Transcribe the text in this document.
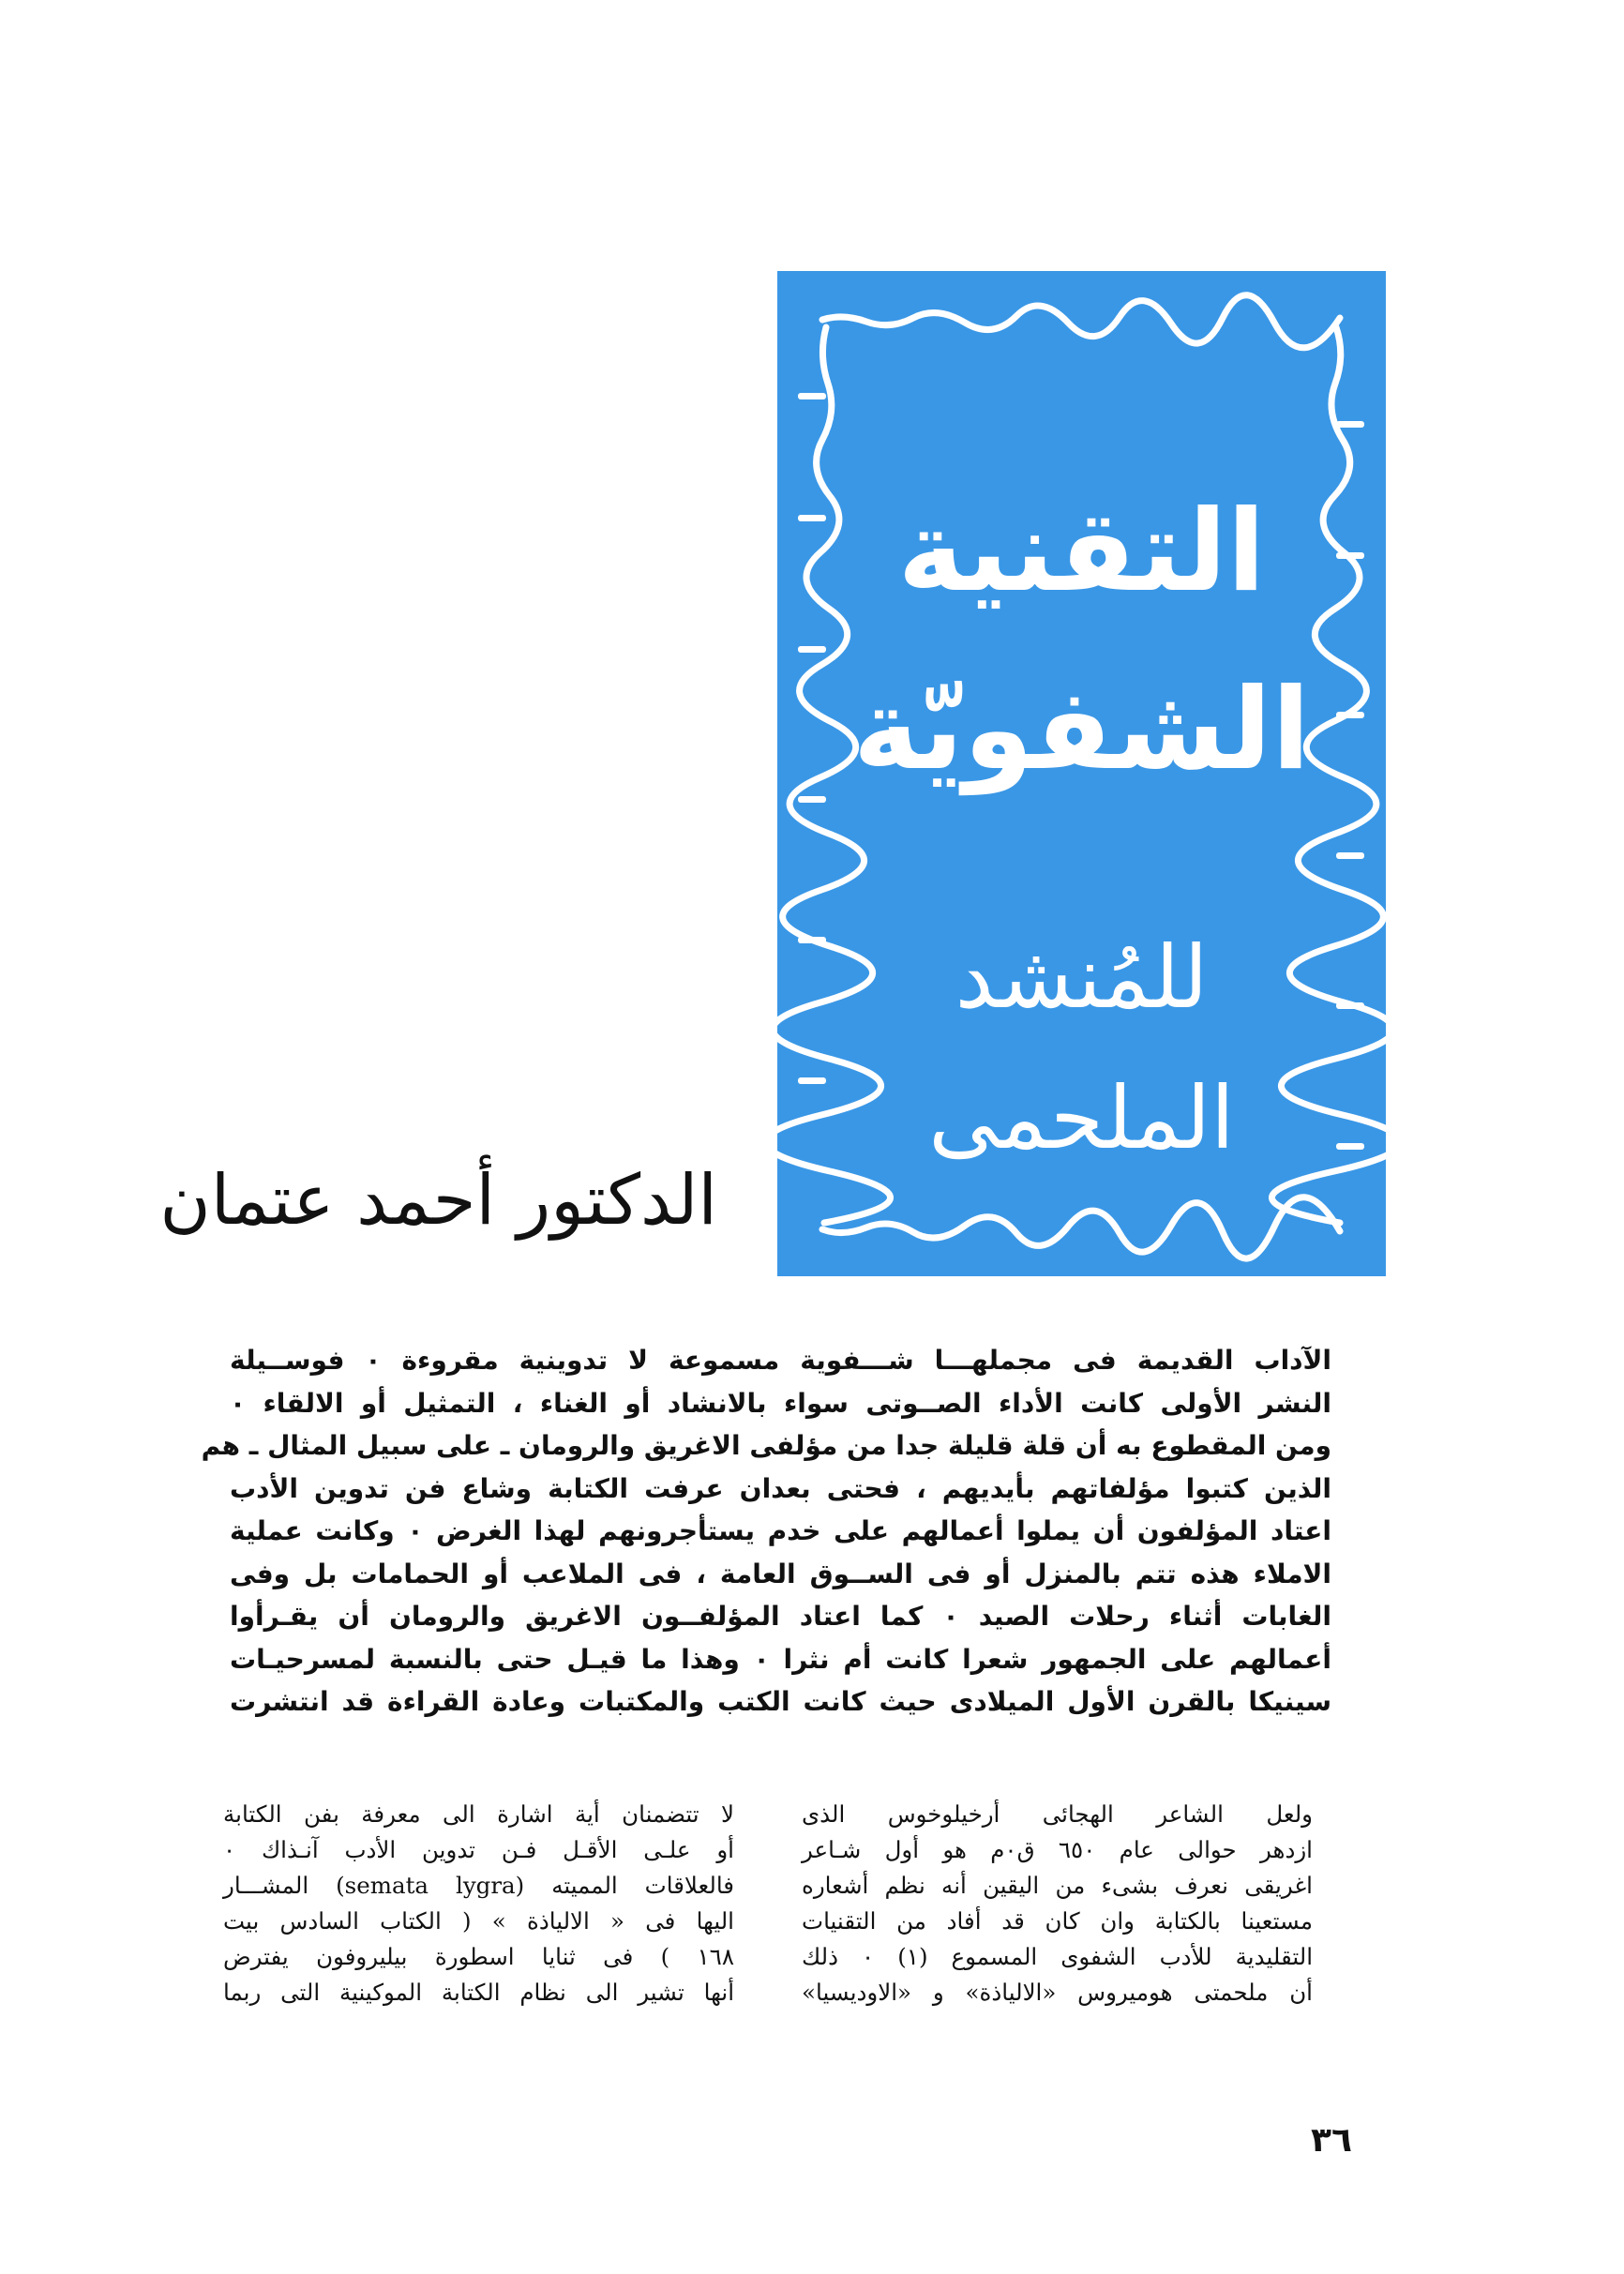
التقنية
الشفويّة
للمُنشد
الملحمى
الدكتور أحمد عتمان
الآداب القديمة فى مجملهـــا شـــفوية مسموعة لا تدوينية مقروءة ٠ فوســيلة
النشر الأولى كانت الأداء الصــوتى سواء بالانشاد أو الغناء ، التمثيل أو الالقاء ٠
ومن المقطوع به أن قلة قليلة جدا من مؤلفى الاغريق والرومان ـ على سبيل المثال ـ هم
الذين كتبوا مؤلفاتهم بأيديهم ، فحتى بعدان عرفت الكتابة وشاع فن تدوين الأدب
اعتاد المؤلفون أن يملوا أعمالهم على خدم يستأجرونهم لهذا الغرض ٠ وكانت عملية
الاملاء هذه تتم بالمنزل أو فى الســوق العامة ، فى الملاعب أو الحمامات بل وفى
الغابات أثناء رحلات الصيد ٠ كما اعتاد المؤلفــون الاغريق والرومان أن يقـرأوا
أعمالهم على الجمهور شعرا كانت أم نثرا ٠ وهذا ما قيـل حتى بالنسبة لمسرحيـات
سينيكا بالقرن الأول الميلادى حيث كانت الكتب والمكتبات وعادة القراءة قد انتشرت
ولعل الشاعر الهجائى أرخيلوخوس الذى
ازدهر حوالى عام ٦٥٠ ق٠م هو أول شـاعر
اغريقى نعرف بشىء من اليقين أنه نظم أشعاره
مستعينا بالكتابة وان كان قد أفاد من التقنيات
التقليدية للأدب الشفوى المسموع (١) ٠ ذلك
أن ملحمتى هوميروس «الالياذة» و «الاوديسيا»
لا تتضمنان أية اشارة الى معرفة بفن الكتابة
أو علـى الأقـل فـن تدوين الأدب آنـذاك ٠
فالعلاقات المميته (semata lygra) المشـــار
اليها فى « الالياذة » ( الكتاب السادس بيت
١٦٨ ) فى ثنايا اسطورة بيليروفون يفترض
أنها تشير الى نظام الكتابة الموكينية التى ربما
٣٦
